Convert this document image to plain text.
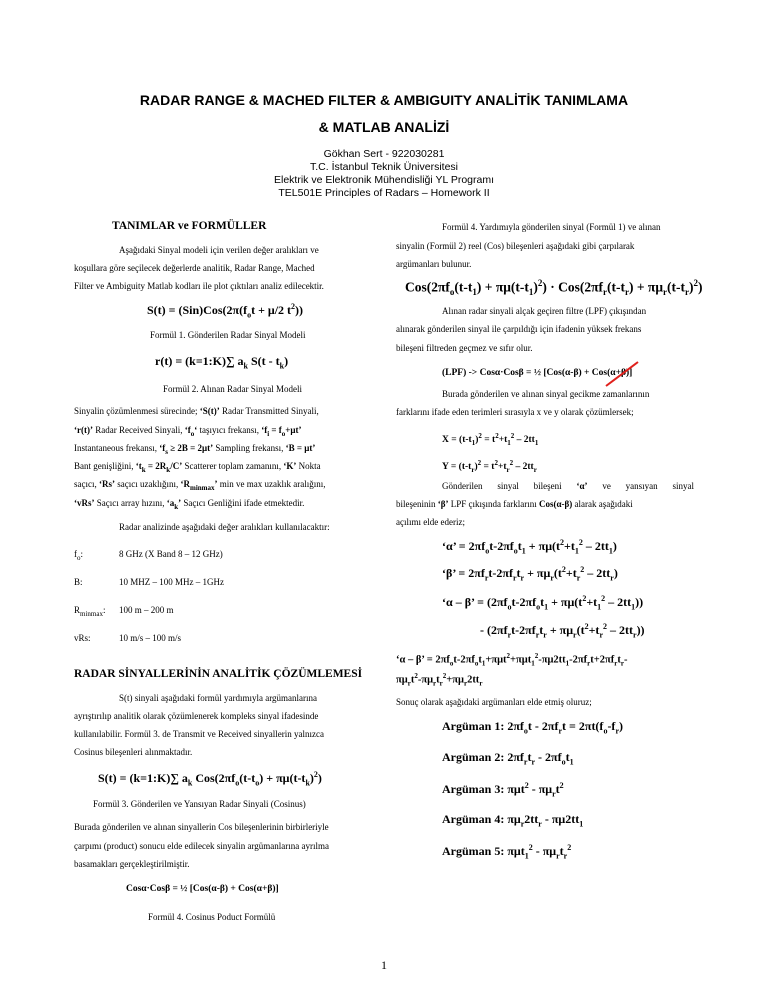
RADAR RANGE & MACHED FILTER & AMBIGUITY ANALİTİK TANIMLAMA
& MATLAB ANALİZİ
Gökhan Sert - 922030281
T.C. İstanbul Teknik Üniversitesi
Elektrik ve Elektronik Mühendisliği YL Programı
TEL501E Principles of Radars – Homework II
TANIMLAR ve FORMÜLLER
Aşağıdaki Sinyal modeli için verilen değer aralıkları ve
koşullara göre seçilecek değerlerde analitik, Radar Range, Mached
Filter ve Ambiguity Matlab kodları ile plot çıktıları analiz edilecektir.
$S(t) = (Sin)Cos(2\pi(f_ot + \mu/2$ $t^2$))
Formül 1. Gönderilen Radar Sinyal Modeli
r(t) = (k=1:K)∑ $a_k$ $S(t - t_k)$
Formül 2. Alınan Radar Sinyal Modeli
Sinyalin çözümlenmesi sürecinde; ‘S(t)’ Radar Transmitted Sinyali,
‘r(t)’ Radar Received Sinyali, ‘$f_o‘$ taşıyıcı frekansı, ‘$f_i = f_o+\mu t$’
Instantaneous frekansı, ‘$f_s \ge 2B = 2\mu t$’ Sampling frekansı, ‘B = μt’
Bant genişliğini, ‘$t_k = 2R_k/C$’ Scatterer toplam zamanını, ‘K’ Nokta
saçıcı, ‘Rs’ saçıcı uzaklığını, ‘$R_{minmax}$’ min ve max uzaklık aralığını,
‘vRs’ Saçıcı array hızını, ‘$a_k$’ Saçıcı Genliğini ifade etmektedir.
Radar analizinde aşağıdaki değer aralıkları kullanılacaktır:
$f_o$:	8 GHz (X Band 8 – 12 GHz)
B:	10 MHZ – 100 MHz – 1GHz
$R_{minmax}$: 100 m – 200 m
vRs:	10 m/s – 100 m/s
RADAR SİNYALLERİNİN ANALİTİK ÇÖZÜMLEMESİ
S(t) sinyali aşağıdaki formül yardımıyla argümanlarına
ayrıştırılıp analitik olarak çözümlenerek kompleks sinyal ifadesinde
kullanılabilir. Formül 3. de Transmit ve Received sinyallerin yalnızca
Cosinus bileşenleri alınmaktadır.
S(t) = (k=1:K)∑ $a_k$ $Cos(2\pi f_o(t-t_o) + \pi\mu(t-t_k)^2)$
Formül 3. Gönderilen ve Yansıyan Radar Sinyali (Cosinus)
Burada gönderilen ve alınan sinyallerin Cos bileşenlerinin birbirleriyle
çarpımı (product) sonucu elde edilecek sinyalin argümanlarına ayrılma
basamakları gerçekleştirilmiştir.
Cosα·Cosβ = ½ [Cos(α-β) + Cos(α+β)]
Formül 4. Cosinus Poduct Formülü
Formül 4. Yardımıyla gönderilen sinyal (Formül 1) ve alınan
sinyalin (Formül 2) reel (Cos) bileşenleri aşağıdaki gibi çarpılarak
argümanları bulunur.
$Cos(2\pi f_o(t-t_1) + \pi\mu(t-t_1)^2) \cdot Cos(2\pi f_r(t-t_r) + \pi\mu_r(t-t_r)^2)$
Alınan radar sinyali alçak geçiren filtre (LPF) çıkışından
alınarak gönderilen sinyal ile çarpıldığı için ifadenin yüksek frekans
bileşeni filtreden geçmez ve sıfır olur.
(LPF) -> Cosα·Cosβ = ½ [Cos(α-β) + Cos(α+β)]
Burada gönderilen ve alınan sinyal gecikme zamanlarının
farklarını ifade eden terimleri sırasıyla x ve y olarak çözümlersek;
$X = (t-t_1)^2 = t^2+t_1^2 - 2tt_1$
$Y = (t-t_r)^2 = t^2+t_r^2 - 2tt_r$
Gönderilen sinyal bileşeni ‘α’ ve yansıyan sinyal
bileşeninin ‘β’ LPF çıkışında farklarını Cos(α-β) alarak aşağıdaki
açılımı elde ederiz;
‘α’ = $2\pi f_ot-2\pi f_ot_1 + \pi\mu(t^2+t_1^2 - 2tt_1)$
‘β’ = $2\pi f_rt-2\pi f_rt_r + \pi\mu_r(t^2+t_r^2 - 2tt_r)$
‘α – β’ = $(2\pi f_ot-2\pi f_ot_1 + \pi\mu(t^2+t_1^2 - 2tt_1))$
- $(2\pi f_rt-2\pi f_rt_r + \pi\mu_r(t^2+t_r^2 - 2tt_r))$
‘α – β’ = $2\pi f_ot-2\pi f_ot_1+\pi\mu t^2+\pi\mu t_1^2-\pi\mu 2tt_1-2\pi f_rt+2\pi f_rt_r-$
$\pi\mu_rt^2-\pi\mu_rt_r^2+\pi\mu_r2tt_r$
Sonuç olarak aşağıdaki argümanları elde etmiş oluruz;
Argüman 1: $2\pi f_ot - 2\pi f_rt = 2\pi t(f_o-f_r)$
Argüman 2: $2\pi f_rt_r - 2\pi f_ot_1$
Argüman 3: $\pi\mu t^2 - \pi\mu_rt^2$
Argüman 4: $\pi\mu_r2tt_r - \pi\mu 2tt_1$
Argüman 5: $\pi\mu t_1^2 - \pi\mu_rt_r^2$
1
